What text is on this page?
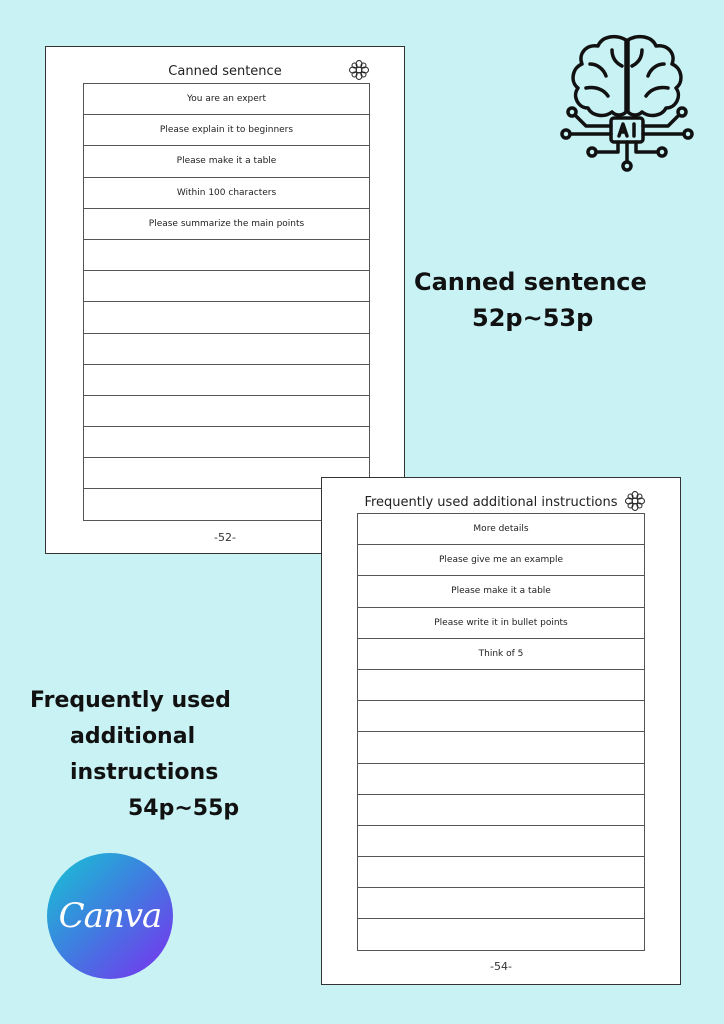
Canned sentence
You are an expert
Please explain it to beginners
Please make it a table
Within 100 characters
Please summarize the main points
-52-
Canned sentence
52p~53p
Frequently used additional instructions
More details
Please give me an example
Please make it a table
Please write it in bullet points
Think of 5
-54-
Frequently used
additional instructions
54p~55p
Canva
